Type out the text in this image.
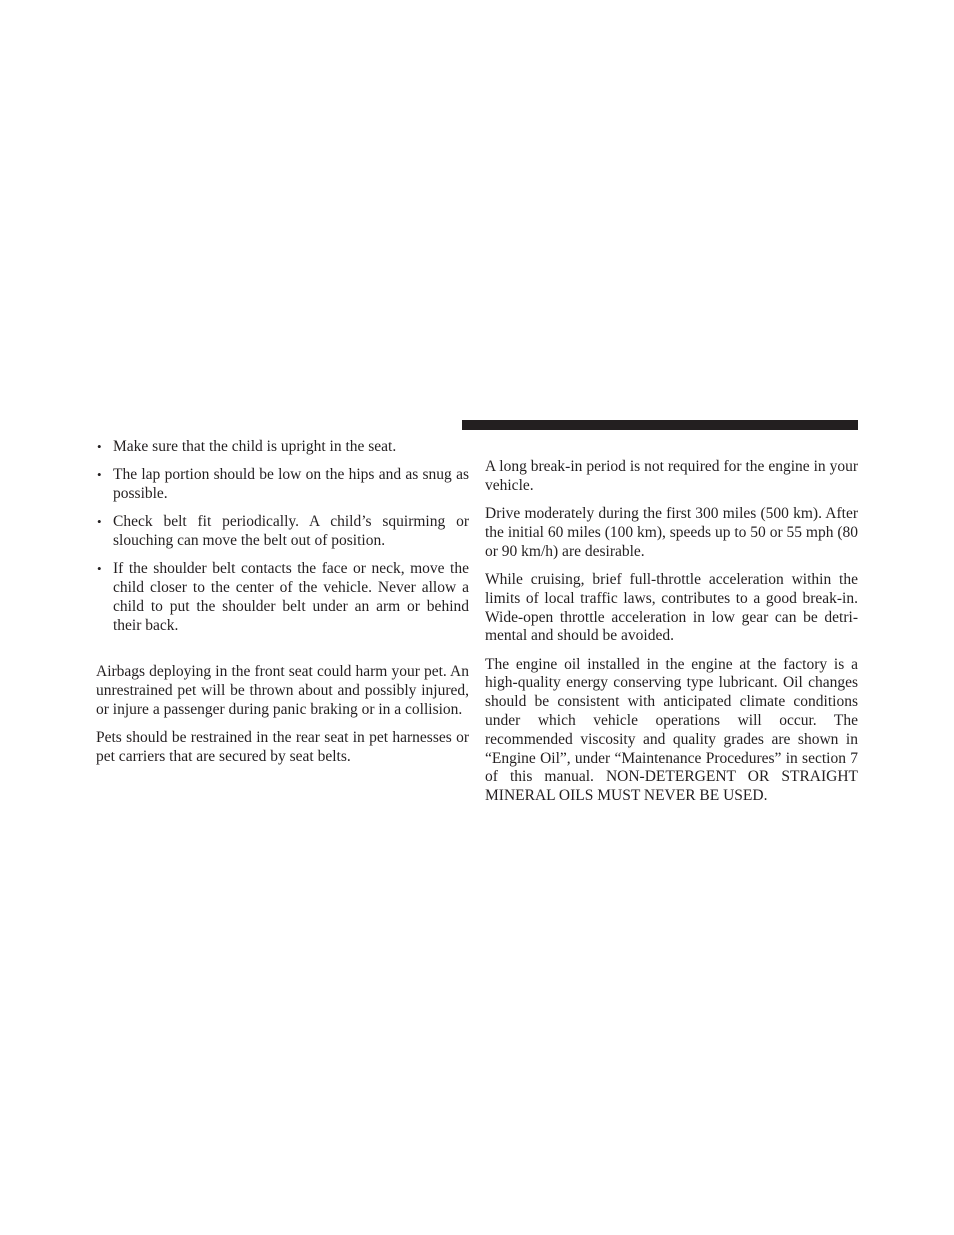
• Make sure that the child is upright in the seat.
• The lap portion should be low on the hips and as snug as possible.
• Check belt fit periodically. A child’s squirming or slouching can move the belt out of position.
• If the shoulder belt contacts the face or neck, move the child closer to the center of the vehicle. Never allow a child to put the shoulder belt under an arm or behind their back.

Airbags deploying in the front seat could harm your pet. An unrestrained pet will be thrown about and possibly injured, or injure a passenger during panic braking or in a collision.

Pets should be restrained in the rear seat in pet harnesses or pet carriers that are secured by seat belts.

A long break-in period is not required for the engine in your vehicle.

Drive moderately during the first 300 miles (500 km). After the initial 60 miles (100 km), speeds up to 50 or 55 mph (80 or 90 km/h) are desirable.

While cruising, brief full-throttle acceleration within the limits of local traffic laws, contributes to a good break-in. Wide-open throttle acceleration in low gear can be detri-mental and should be avoided.

The engine oil installed in the engine at the factory is a high-quality energy conserving type lubricant. Oil changes should be consistent with anticipated climate conditions under which vehicle operations will occur. The recommended viscosity and quality grades are shown in “Engine Oil”, under “Maintenance Procedures” in section 7 of this manual. NON-DETERGENT OR STRAIGHT MINERAL OILS MUST NEVER BE USED.
